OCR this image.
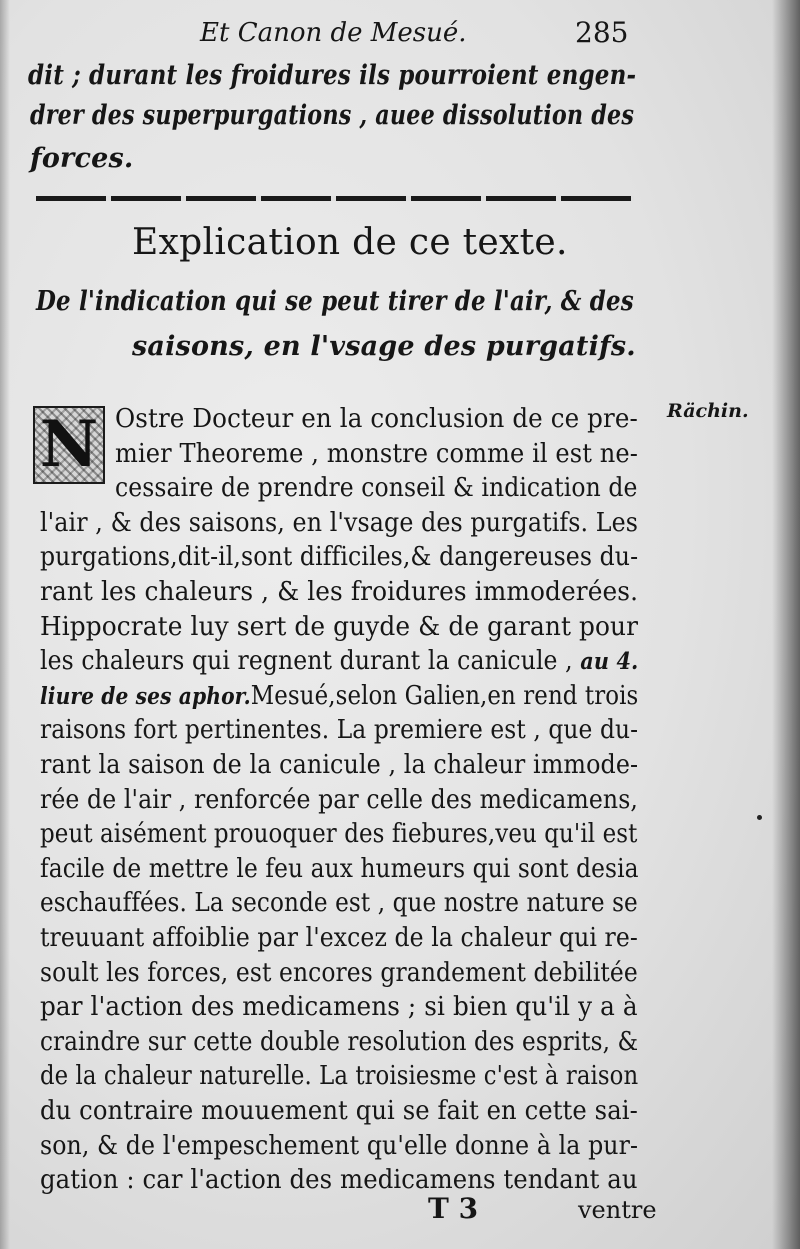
Et Canon de Mesué.	285
dit ; durant les froidures ils pourroient engen-
drer des superpurgations , auee dissolution des
forces.
Explication de ce texte.
De l'indication qui se peut tirer de l'air, & des
saisons, en l'vsage des purgatifs.
N	Rächin.
Ostre Docteur en la conclusion de ce pre-
mier Theoreme , monstre comme il est ne-
cessaire de prendre conseil & indication de
l'air , & des saisons, en l'vsage des purgatifs. Les
purgations,dit-il,sont difficiles,& dangereuses du-
rant les chaleurs , & les froidures immoderées.
Hippocrate luy sert de guyde & de garant pour
les chaleurs qui regnent durant la canicule , au 4.
liure de ses aphor.Mesué,selon Galien,en rend trois
raisons fort pertinentes. La premiere est , que du-
rant la saison de la canicule , la chaleur immode-
rée de l'air , renforcée par celle des medicamens,
peut aisément prouoquer des fiebures,veu qu'il est
facile de mettre le feu aux humeurs qui sont desia
eschauffées. La seconde est , que nostre nature se
treuuant affoiblie par l'excez de la chaleur qui re-
soult les forces, est encores grandement debilitée
par l'action des medicamens ; si bien qu'il y a à
craindre sur cette double resolution des esprits, &
de la chaleur naturelle. La troisiesme c'est à raison
du contraire mouuement qui se fait en cette sai-
son, & de l'empeschement qu'elle donne à la pur-
gation : car l'action des medicamens tendant au
T 3	ventre
